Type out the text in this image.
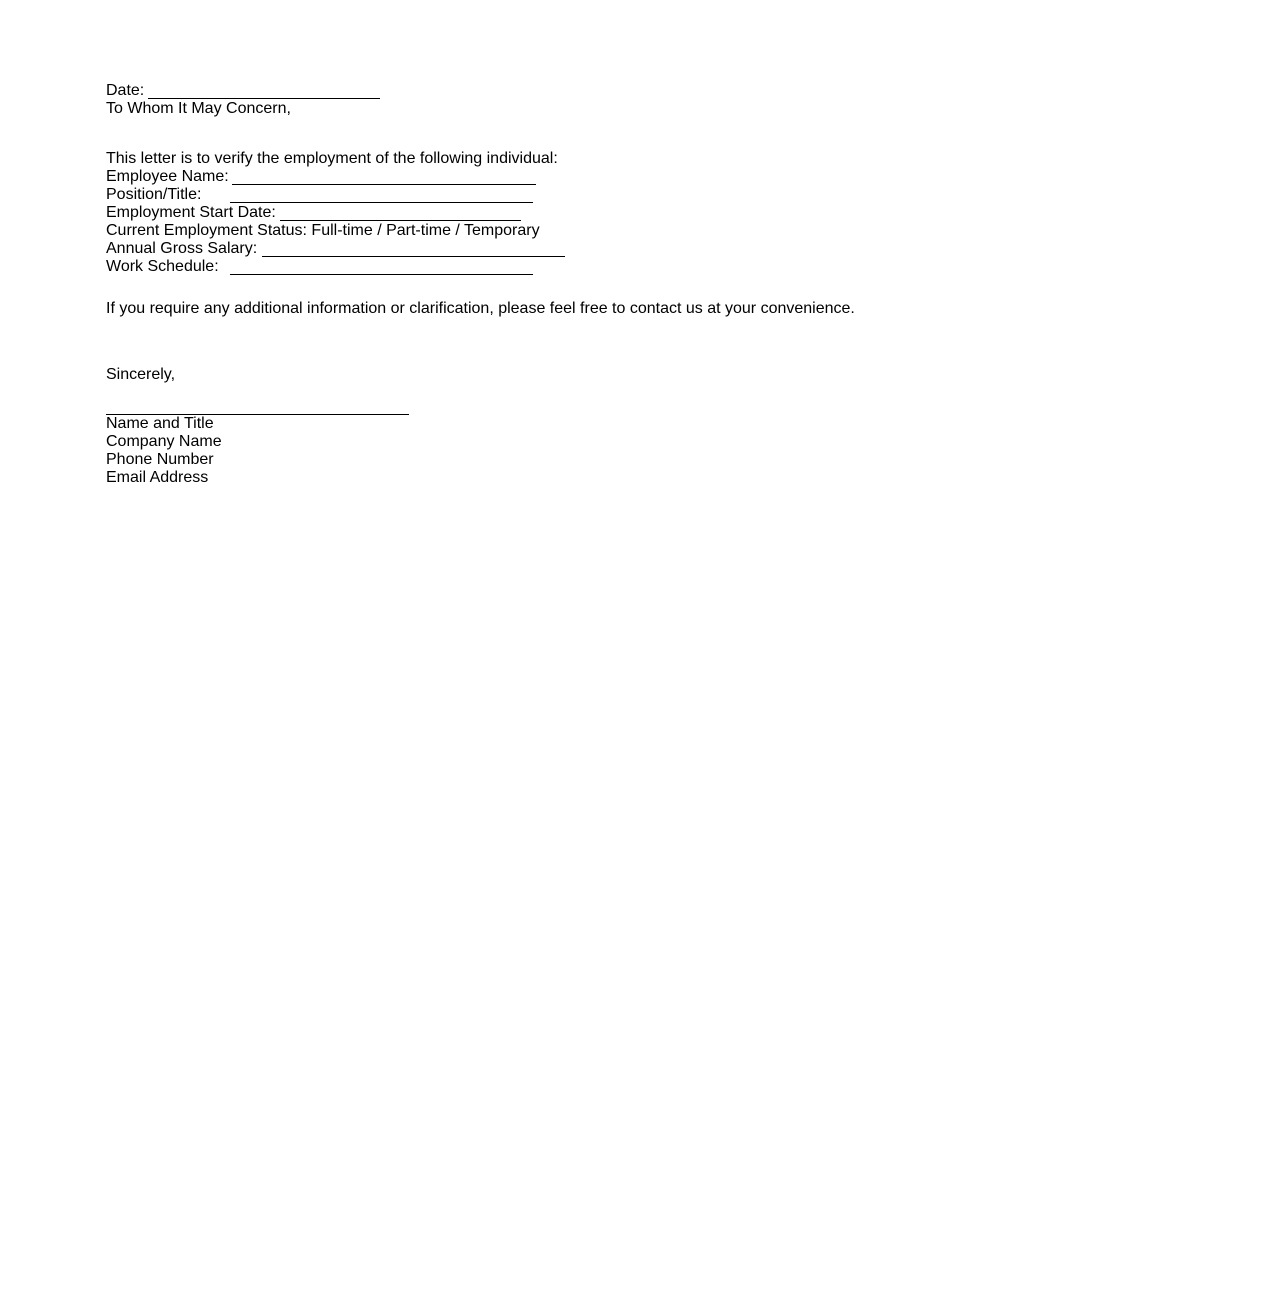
Date:
To Whom It May Concern,
This letter is to verify the employment of the following individual:
Employee Name:
Position/Title:
Employment Start Date:
Current Employment Status: Full-time / Part-time / Temporary
Annual Gross Salary:
Work Schedule:
If you require any additional information or clarification, please feel free to contact us at your convenience.
Sincerely,
Name and Title
Company Name
Phone Number
Email Address
